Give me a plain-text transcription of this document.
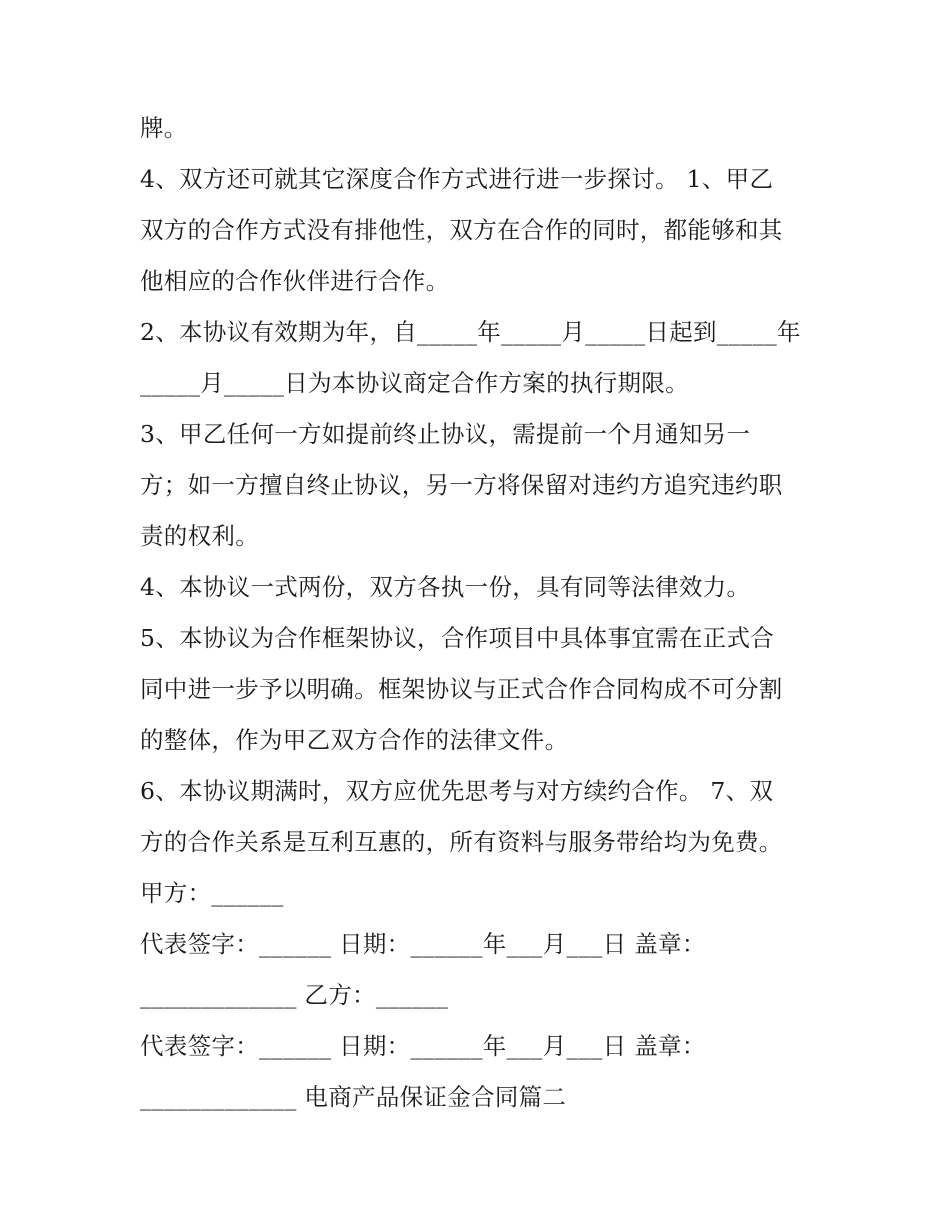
牌。
4、双方还可就其它深度合作方式进行进一步探讨。 1、甲乙
双方的合作方式没有排他性，双方在合作的同时，都能够和其
他相应的合作伙伴进行合作。
2、本协议有效期为年，自_____年_____月_____日起到_____年
_____月_____日为本协议商定合作方案的执行期限。
3、甲乙任何一方如提前终止协议，需提前一个月通知另一
方；如一方擅自终止协议，另一方将保留对违约方追究违约职
责的权利。
4、本协议一式两份，双方各执一份，具有同等法律效力。
5、本协议为合作框架协议，合作项目中具体事宜需在正式合
同中进一步予以明确。框架协议与正式合作合同构成不可分割
的整体，作为甲乙双方合作的法律文件。
6、本协议期满时，双方应优先思考与对方续约合作。 7、双
方的合作关系是互利互惠的，所有资料与服务带给均为免费。
甲方：______
代表签字：______ 日期：______年___月___日 盖章：
_____________ 乙方：______
代表签字：______ 日期：______年___月___日 盖章：
_____________ 电商产品保证金合同篇二
